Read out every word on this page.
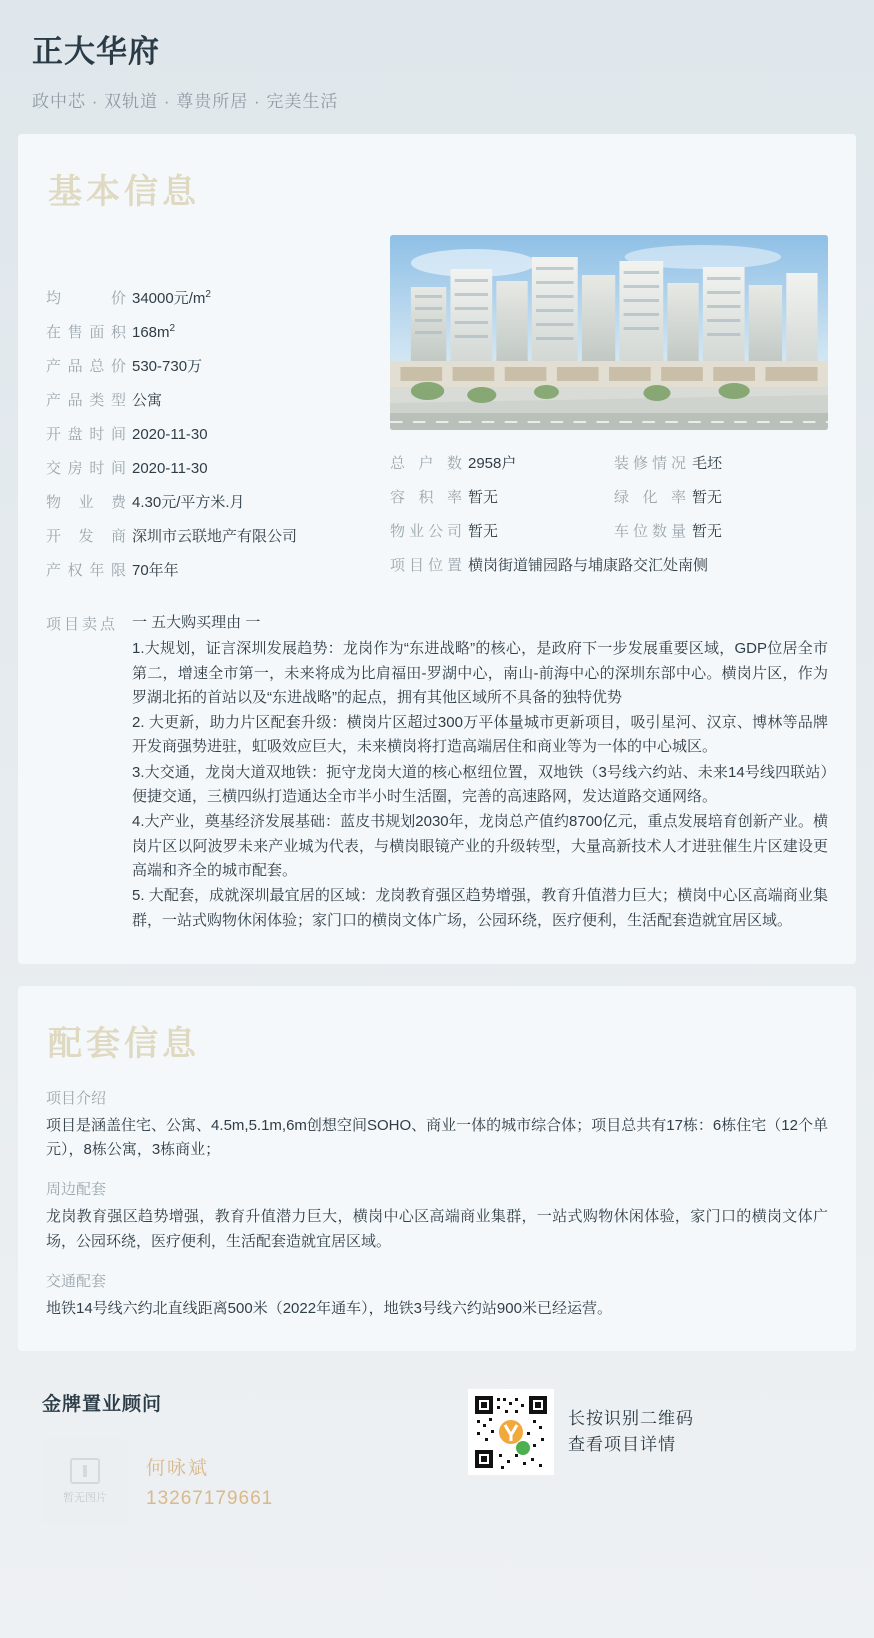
正大华府
政中芯 · 双轨道 · 尊贵所居 · 完美生活
基本信息
均价 34000元$/m^2$
在售面积 $168m^2$
产品总价 530-730万
产品类型 公寓
开盘时间 2020-11-30
交房时间 2020-11-30
物 业 费 4.30元/平方米.月
开 发 商 深圳市云联地产有限公司
产权年限 70年年
总户数 2958户	装修情况 毛坯
容积率 暂无	绿化率 暂无
物业公司 暂无	车位数量 暂无
项目位置 横岗街道铺园路与埔康路交汇处南侧
项目卖点 一 五大购买理由 一

1.大规划，证言深圳发展趋势：龙岗作为“东进战略”的核心，是政府下一步发展重要区域，GDP位居全市第二，增速全市第一，未来将成为比肩福田-罗湖中心，南山-前海中心的深圳东部中心。横岗片区，作为罗湖北拓的首站以及“东进战略”的起点，拥有其他区域所不具备的独特优势

2. 大更新，助力片区配套升级：横岗片区超过300万平体量城市更新项目，吸引星河、汉京、博林等品牌开发商强势进驻，虹吸效应巨大，未来横岗将打造高端居住和商业等为一体的中心城区。

3.大交通，龙岗大道双地铁：扼守龙岗大道的核心枢纽位置，双地铁（3号线六约站、未来14号线四联站）便捷交通，三横四纵打造通达全市半小时生活圈，完善的高速路网，发达道路交通网络。

4.大产业，奠基经济发展基础：蓝皮书规划2030年，龙岗总产值约8700亿元，重点发展培育创新产业。横岗片区以阿波罗未来产业城为代表，与横岗眼镜产业的升级转型，大量高新技术人才进驻催生片区建设更高端和齐全的城市配套。

5. 大配套，成就深圳最宜居的区域：龙岗教育强区趋势增强，教育升值潜力巨大；横岗中心区高端商业集群，一站式购物休闲体验；家门口的横岗文体广场，公园环绕，医疗便利，生活配套造就宜居区域。

配套信息
项目介绍

项目是涵盖住宅、公寓、4.5m,5.1m,6m创想空间SOHO、商业一体的城市综合体；项目总共有17栋：6栋住宅（12个单元），8栋公寓，3栋商业；

周边配套

龙岗教育强区趋势增强，教育升值潜力巨大，横岗中心区高端商业集群，一站式购物休闲体验，家门口的横岗文体广场，公园环绕，医疗便利，生活配套造就宜居区域。

交通配套

地铁14号线六约北直线距离500米（2022年通车），地铁3号线六约站900米已经运营。

金牌置业顾问
暂无图片
何咏斌
13267179661
长按识别二维码
查看项目详情
